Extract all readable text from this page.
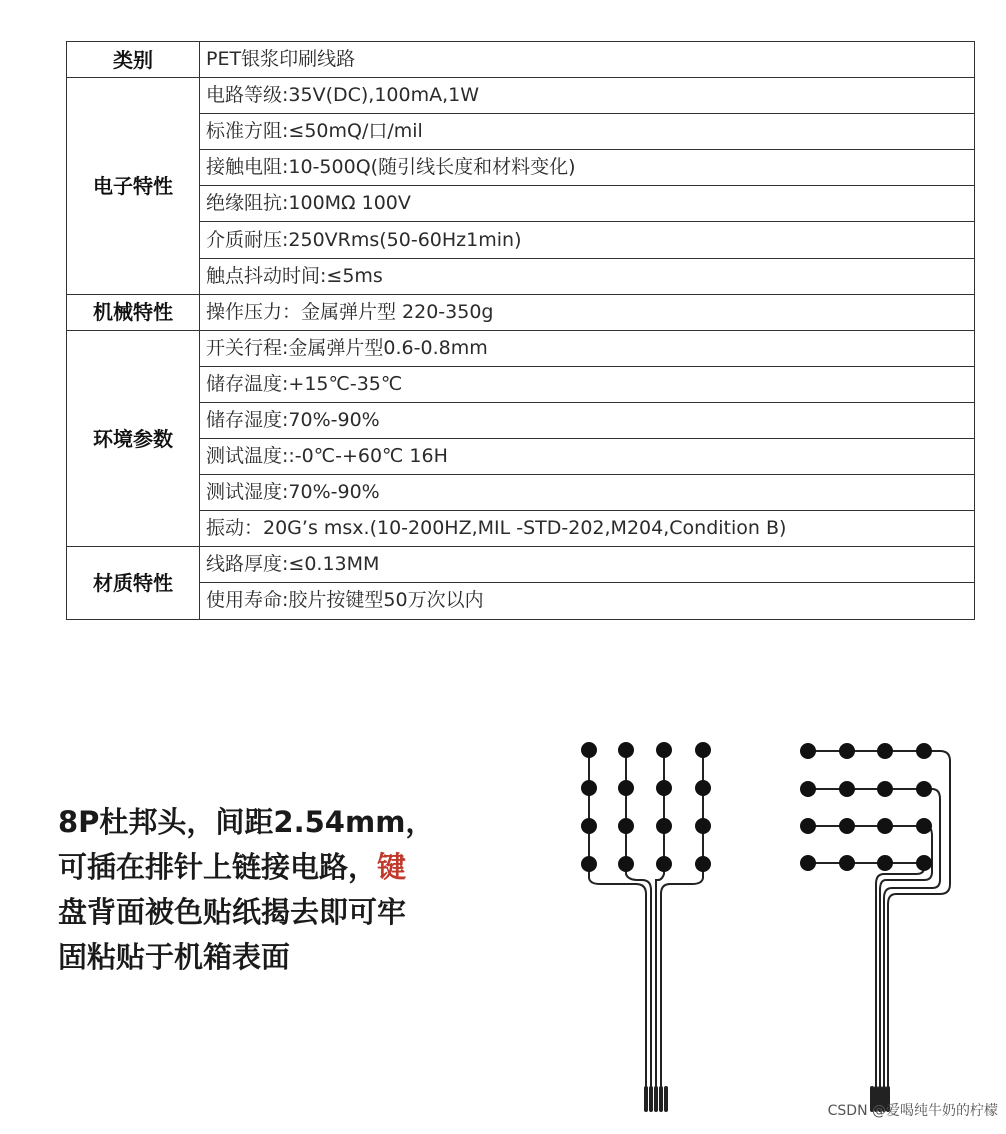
类别	PET银浆印刷线路
电子特性	电路等级:35V(DC),100mA,1W
	标准方阻:≤50mQ/口/mil
	接触电阻:10-500Q(随引线长度和材料变化)
	绝缘阻抗:100MΩ 100V
	介质耐压:250VRms(50-60Hz1min)
	触点抖动时间:≤5ms
机械特性	操作压力：金属弹片型 220-350g
环境参数	开关行程:金属弹片型0.6-0.8mm
	储存温度:+15℃-35℃
	储存湿度:70%-90%
	测试温度::-0℃-+60℃ 16H
	测试湿度:70%-90%
	振动：20G’s msx.(10-200HZ,MIL -STD-202,M204,Condition B)
材质特性	线路厚度:≤0.13MM
	使用寿命:胶片按键型50万次以内
8P杜邦头，间距2.54mm，
可插在排针上链接电路，键
盘背面被色贴纸揭去即可牢
固粘贴于机箱表面
CSDN @爱喝纯牛奶的柠檬
